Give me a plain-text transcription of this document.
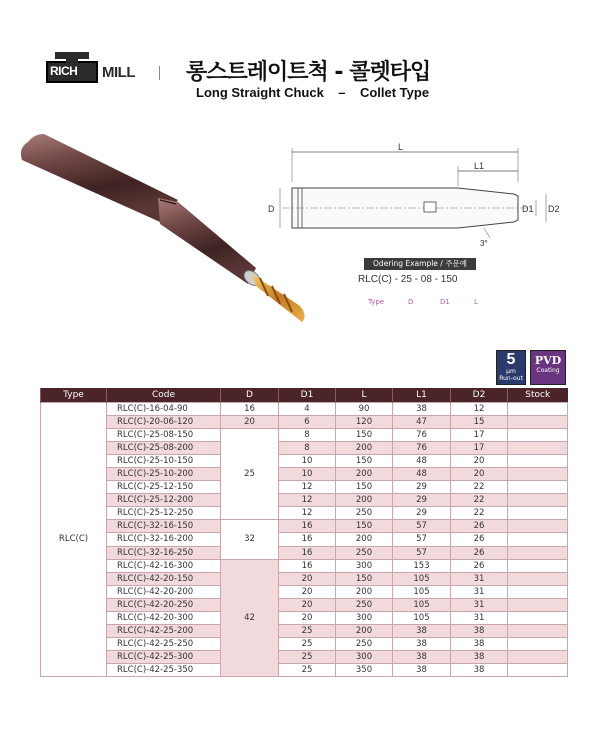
RICH MILL 롱스트레이트척 - 콜렛타입
Long Straight Chuck    –    Collet Type
L
L1
D	D1 D2
3°
Odering Example / 주문예
RLC(C) - 25 - 08 - 150
Type	D	D1	L
5
μm
Run-out
PVD
Coating
Type	Code	D	D1	L	L1	D2	Stock
RLC(C)	RLC(C)-16-04-90	16	4	90	38	12	
	RLC(C)-20-06-120	20	6	120	47	15	
	RLC(C)-25-08-150	25	8	150	76	17	
	RLC(C)-25-08-200		8	200	76	17	
	RLC(C)-25-10-150		10	150	48	20	
	RLC(C)-25-10-200		10	200	48	20	
	RLC(C)-25-12-150		12	150	29	22	
	RLC(C)-25-12-200		12	200	29	22	
	RLC(C)-25-12-250		12	250	29	22	
	RLC(C)-32-16-150	32	16	150	57	26	
	RLC(C)-32-16-200		16	200	57	26	
	RLC(C)-32-16-250		16	250	57	26	
	RLC(C)-42-16-300	42	16	300	153	26	
	RLC(C)-42-20-150		20	150	105	31	
	RLC(C)-42-20-200		20	200	105	31	
	RLC(C)-42-20-250		20	250	105	31	
	RLC(C)-42-20-300		20	300	105	31	
	RLC(C)-42-25-200		25	200	38	38	
	RLC(C)-42-25-250		25	250	38	38	
	RLC(C)-42-25-300		25	300	38	38	
	RLC(C)-42-25-350		25	350	38	38	
